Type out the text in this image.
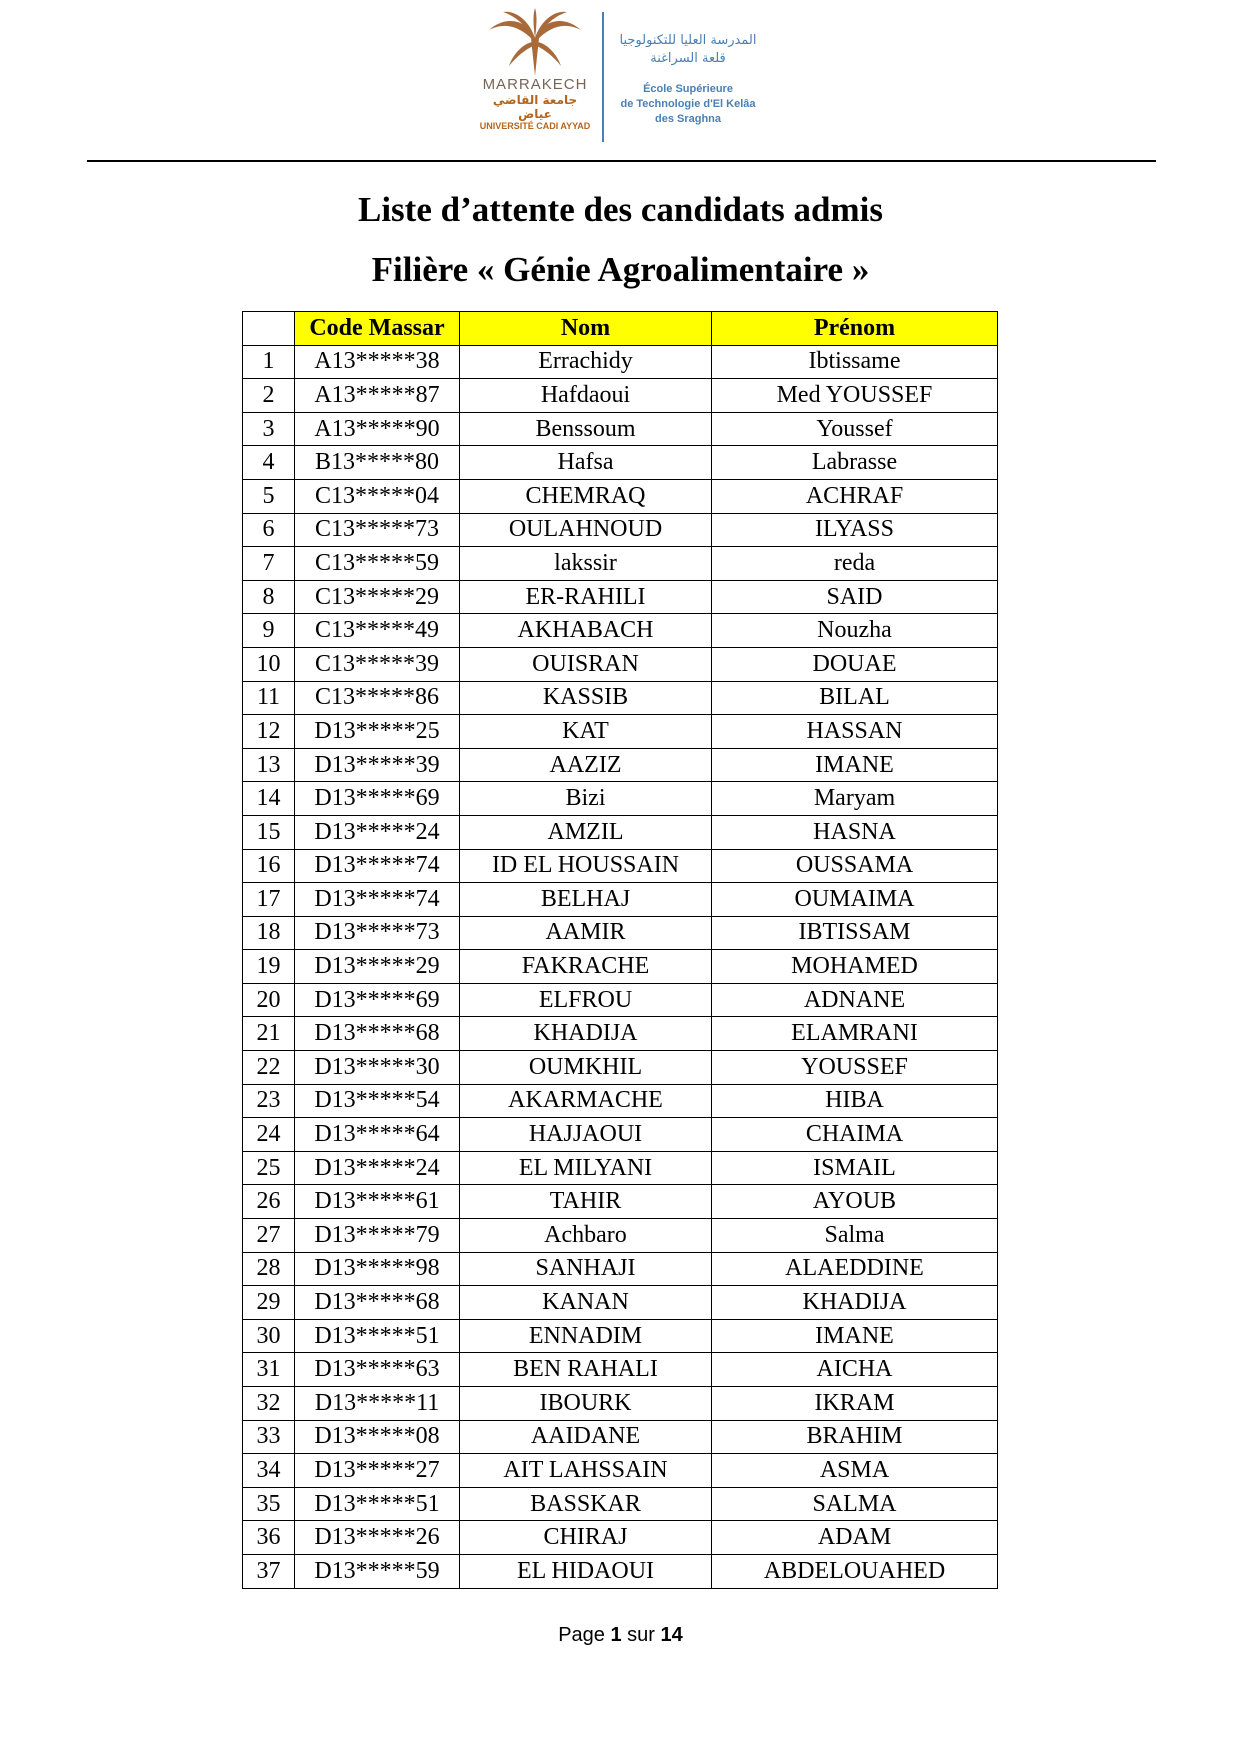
MARRAKECH
جامعة القاضي عياض
UNIVERSITÉ CADI AYYAD
المدرسة العليا للتكنولوجيا
قلعة السراغنة
École Supérieure
de Technologie d'El Kelâa
des Sraghna
Liste d’attente des candidats admis
Filière « Génie Agroalimentaire »
	Code Massar	Nom	Prénom
1	A13*****38	Errachidy	Ibtissame
2	A13*****87	Hafdaoui	Med YOUSSEF
3	A13*****90	Benssoum	Youssef
4	B13*****80	Hafsa	Labrasse
5	C13*****04	CHEMRAQ	ACHRAF
6	C13*****73	OULAHNOUD	ILYASS
7	C13*****59	lakssir	reda
8	C13*****29	ER-RAHILI	SAID
9	C13*****49	AKHABACH	Nouzha
10	C13*****39	OUISRAN	DOUAE
11	C13*****86	KASSIB	BILAL
12	D13*****25	KAT	HASSAN
13	D13*****39	AAZIZ	IMANE
14	D13*****69	Bizi	Maryam
15	D13*****24	AMZIL	HASNA
16	D13*****74	ID EL HOUSSAIN	OUSSAMA
17	D13*****74	BELHAJ	OUMAIMA
18	D13*****73	AAMIR	IBTISSAM
19	D13*****29	FAKRACHE	MOHAMED
20	D13*****69	ELFROU	ADNANE
21	D13*****68	KHADIJA	ELAMRANI
22	D13*****30	OUMKHIL	YOUSSEF
23	D13*****54	AKARMACHE	HIBA
24	D13*****64	HAJJAOUI	CHAIMA
25	D13*****24	EL MILYANI	ISMAIL
26	D13*****61	TAHIR	AYOUB
27	D13*****79	Achbaro	Salma
28	D13*****98	SANHAJI	ALAEDDINE
29	D13*****68	KANAN	KHADIJA
30	D13*****51	ENNADIM	IMANE
31	D13*****63	BEN RAHALI	AICHA
32	D13*****11	IBOURK	IKRAM
33	D13*****08	AAIDANE	BRAHIM
34	D13*****27	AIT LAHSSAIN	ASMA
35	D13*****51	BASSKAR	SALMA
36	D13*****26	CHIRAJ	ADAM
37	D13*****59	EL HIDAOUI	ABDELOUAHED
Page 1 sur 14
